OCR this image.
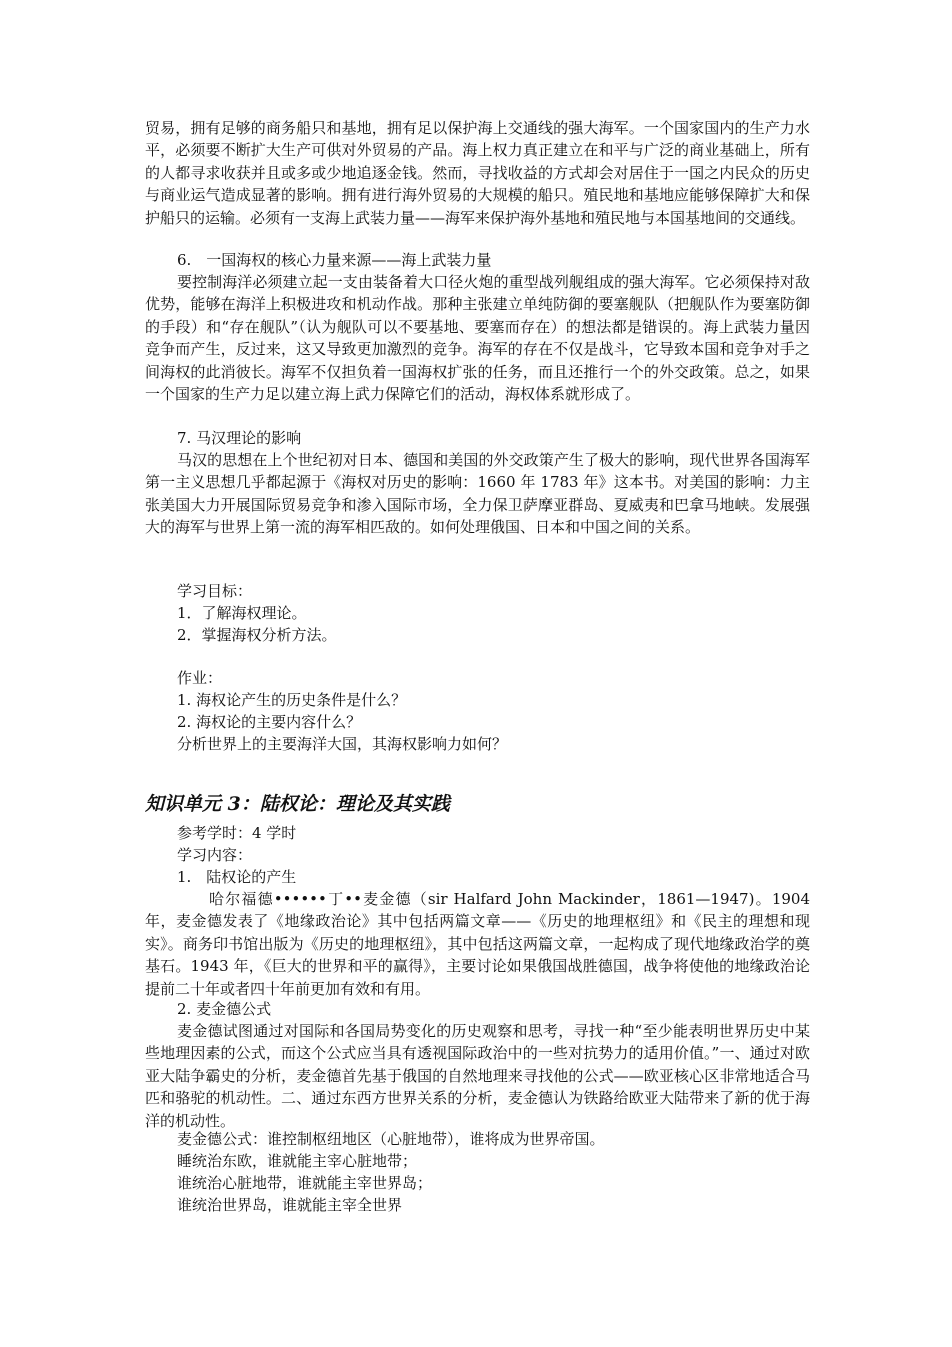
贸易，拥有足够的商务船只和基地，拥有足以保护海上交通线的强大海军。一个国家国内的生产力水平，必须要不断扩大生产可供对外贸易的产品。海上权力真正建立在和平与广泛的商业基础上，所有的人都寻求收获并且或多或少地追逐金钱。然而，寻找收益的方式却会对居住于一国之内民众的历史与商业运气造成显著的影响。拥有进行海外贸易的大规模的船只。殖民地和基地应能够保障扩大和保护船只的运输。必须有一支海上武装力量——海军来保护海外基地和殖民地与本国基地间的交通线。
6.　一国海权的核心力量来源——海上武装力量
要控制海洋必须建立起一支由装备着大口径火炮的重型战列舰组成的强大海军。它必须保持对敌优势，能够在海洋上积极进攻和机动作战。那种主张建立单纯防御的要塞舰队（把舰队作为要塞防御的手段）和“存在舰队”（认为舰队可以不要基地、要塞而存在）的想法都是错误的。海上武装力量因竞争而产生，反过来，这又导致更加激烈的竞争。海军的存在不仅是战斗，它导致本国和竞争对手之间海权的此消彼长。海军不仅担负着一国海权扩张的任务，而且还推行一个的外交政策。总之，如果一个国家的生产力足以建立海上武力保障它们的活动，海权体系就形成了。
7. 马汉理论的影响
马汉的思想在上个世纪初对日本、德国和美国的外交政策产生了极大的影响，现代世界各国海军第一主义思想几乎都起源于《海权对历史的影响：1660 年 1783 年》这本书。对美国的影响：力主张美国大力开展国际贸易竞争和渗入国际市场，全力保卫萨摩亚群岛、夏威夷和巴拿马地峡。发展强大的海军与世界上第一流的海军相匹敌的。如何处理俄国、日本和中国之间的关系。
学习目标：
1．了解海权理论。
2．掌握海权分析方法。
作业：
1. 海权论产生的历史条件是什么？
2. 海权论的主要内容什么？
分析世界上的主要海洋大国，其海权影响力如何？
知识单元 3：陆权论：理论及其实践
参考学时：4 学时
学习内容：
1.　陆权论的产生
哈尔福德••••••丁••麦金德（sir Halfard John Mackinder，1861—1947)。1904 年，麦金德发表了《地缘政治论》其中包括两篇文章——《历史的地理枢纽》和《民主的理想和现实》。商务印书馆出版为《历史的地理枢纽》，其中包括这两篇文章，一起构成了现代地缘政治学的奠基石。1943 年，《巨大的世界和平的赢得》，主要讨论如果俄国战胜德国，战争将使他的地缘政治论提前二十年或者四十年前更加有效和有用。
2. 麦金德公式
麦金德试图通过对国际和各国局势变化的历史观察和思考，寻找一种“至少能表明世界历史中某些地理因素的公式，而这个公式应当具有透视国际政治中的一些对抗势力的适用价值。”一、通过对欧亚大陆争霸史的分析，麦金德首先基于俄国的自然地理来寻找他的公式——欧亚核心区非常地适合马匹和骆驼的机动性。二、通过东西方世界关系的分析，麦金德认为铁路给欧亚大陆带来了新的优于海洋的机动性。
麦金德公式：谁控制枢纽地区（心脏地带），谁将成为世界帝国。
睡统治东欧，谁就能主宰心脏地带；
谁统治心脏地带，谁就能主宰世界岛；
谁统治世界岛，谁就能主宰全世界
